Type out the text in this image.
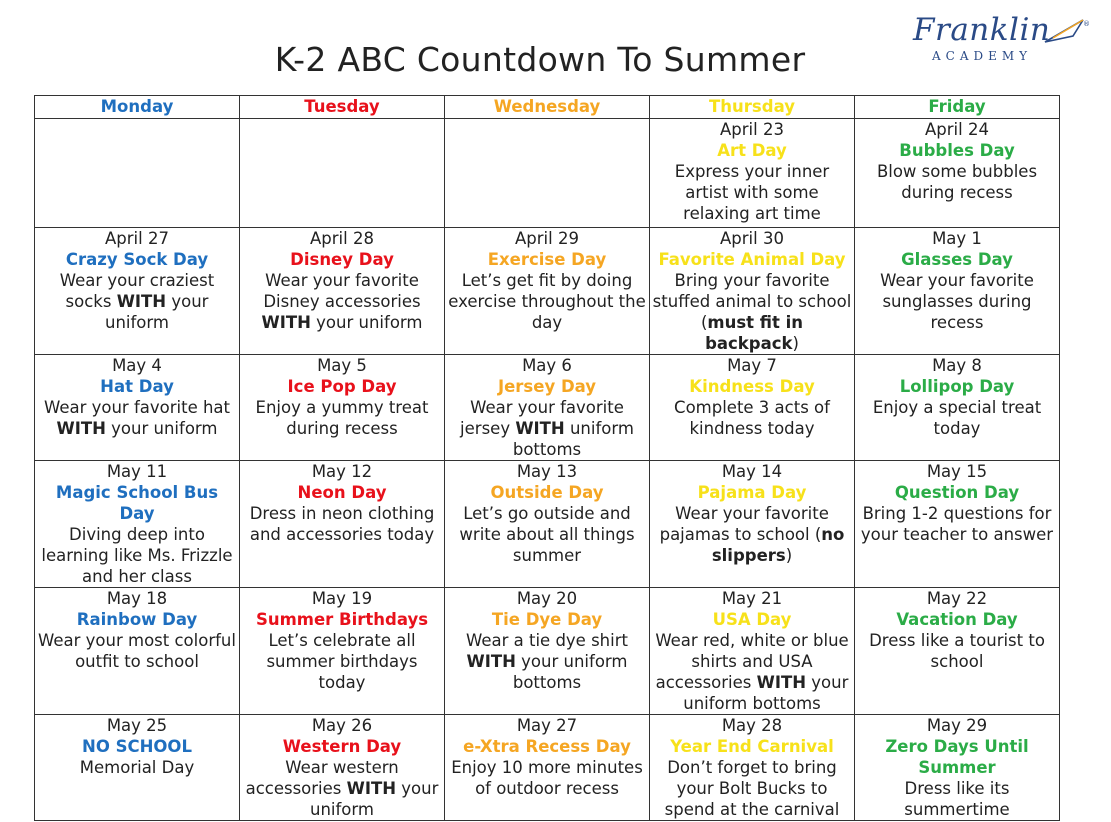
K-2 ABC Countdown To Summer
Franklin	®
ACADEMY
Monday	Tuesday	Wednesday	Thursday	Friday

			April 23
Art Day
Express your inner artist with some relaxing art time	April 24
Bubbles Day
Blow some bubbles during recess

April 27
Crazy Sock Day
Wear your craziest socks WITH your uniform	April 28
Disney Day
Wear your favorite Disney accessories WITH your uniform	April 29
Exercise Day
Let’s get fit by doing exercise throughout the day	April 30
Favorite Animal Day
Bring your favorite stuffed animal to school (must fit in backpack)	May 1
Glasses Day
Wear your favorite sunglasses during recess

May 4
Hat Day
Wear your favorite hat WITH your uniform	May 5
Ice Pop Day
Enjoy a yummy treat during recess	May 6
Jersey Day
Wear your favorite jersey WITH uniform bottoms	May 7
Kindness Day
Complete 3 acts of kindness today	May 8
Lollipop Day
Enjoy a special treat today

May 11
Magic School Bus Day
Diving deep into learning like Ms. Frizzle and her class	May 12
Neon Day
Dress in neon clothing and accessories today	May 13
Outside Day
Let’s go outside and write about all things summer	May 14
Pajama Day
Wear your favorite pajamas to school (no slippers)	May 15
Question Day
Bring 1-2 questions for your teacher to answer

May 18
Rainbow Day
Wear your most colorful outfit to school	May 19
Summer Birthdays
Let’s celebrate all summer birthdays today	May 20
Tie Dye Day
Wear a tie dye shirt WITH your uniform bottoms	May 21
USA Day
Wear red, white or blue shirts and USA accessories WITH your uniform bottoms	May 22
Vacation Day
Dress like a tourist to school

May 25
NO SCHOOL
Memorial Day	May 26
Western Day
Wear western accessories WITH your uniform	May 27
e-Xtra Recess Day
Enjoy 10 more minutes of outdoor recess	May 28
Year End Carnival
Don’t forget to bring your Bolt Bucks to spend at the carnival	May 29
Zero Days Until Summer
Dress like its summertime
